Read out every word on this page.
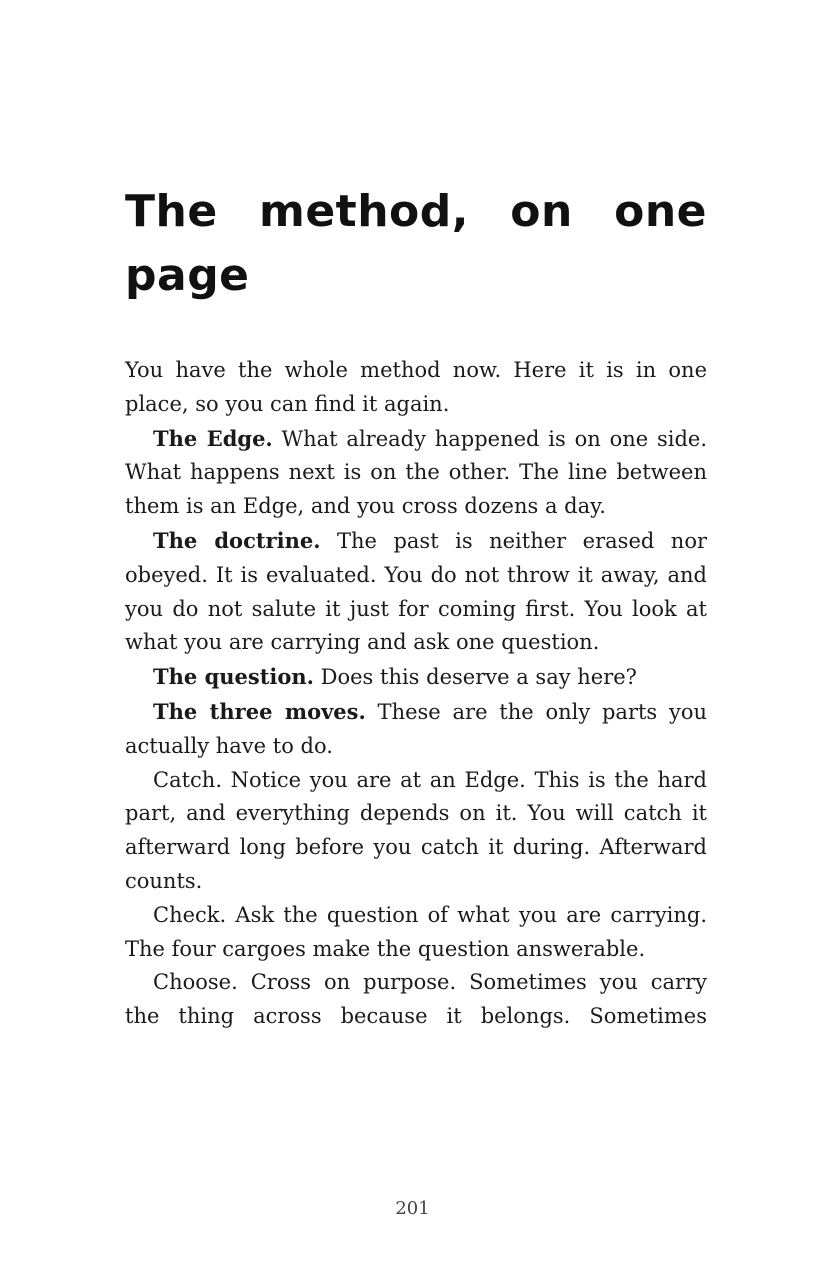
The method, on one page

You have the whole method now. Here it is in one place, so you can find it again.

The Edge. What already happened is on one side. What happens next is on the other. The line between them is an Edge, and you cross dozens a day.

The doctrine. The past is neither erased nor obeyed. It is evaluated. You do not throw it away, and you do not salute it just for coming first. You look at what you are carrying and ask one question.

The question. Does this deserve a say here?

The three moves. These are the only parts you actually have to do.

Catch. Notice you are at an Edge. This is the hard part, and everything depends on it. You will catch it afterward long before you catch it during. Afterward counts.

Check. Ask the question of what you are carrying. The four cargoes make the question answerable.

Choose. Cross on purpose. Sometimes you carry the thing across because it belongs. Sometimes

201
